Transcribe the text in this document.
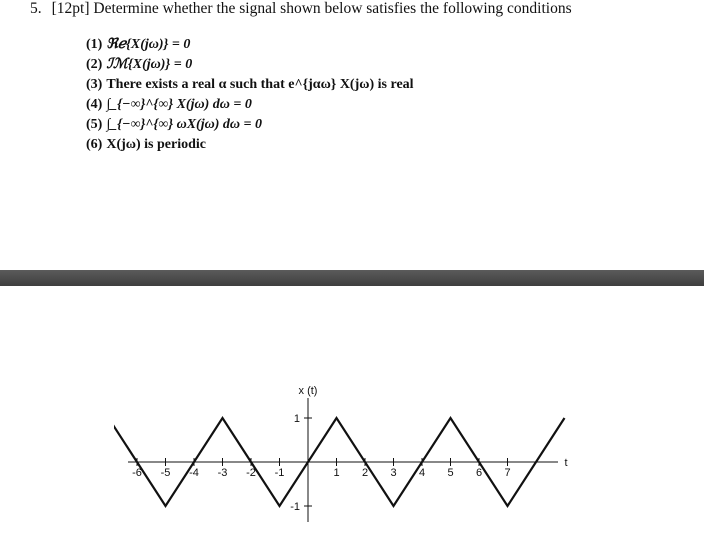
5. [12pt] Determine whether the signal shown below satisfies the following conditions
(1) ℜℯ{X(jω)} = 0
(2) ℐℳ{X(jω)} = 0
(3) There exists a real α such that e^{jαω} X(jω) is real
(4) ∫_{−∞}^{∞} X(jω) dω = 0
(5) ∫_{−∞}^{∞} ωX(jω) dω = 0
(6) X(jω) is periodic
-6 -5 -4 -3 -2 -1	1 2 3 4 5 6 7
1
-1
x (t)
t
